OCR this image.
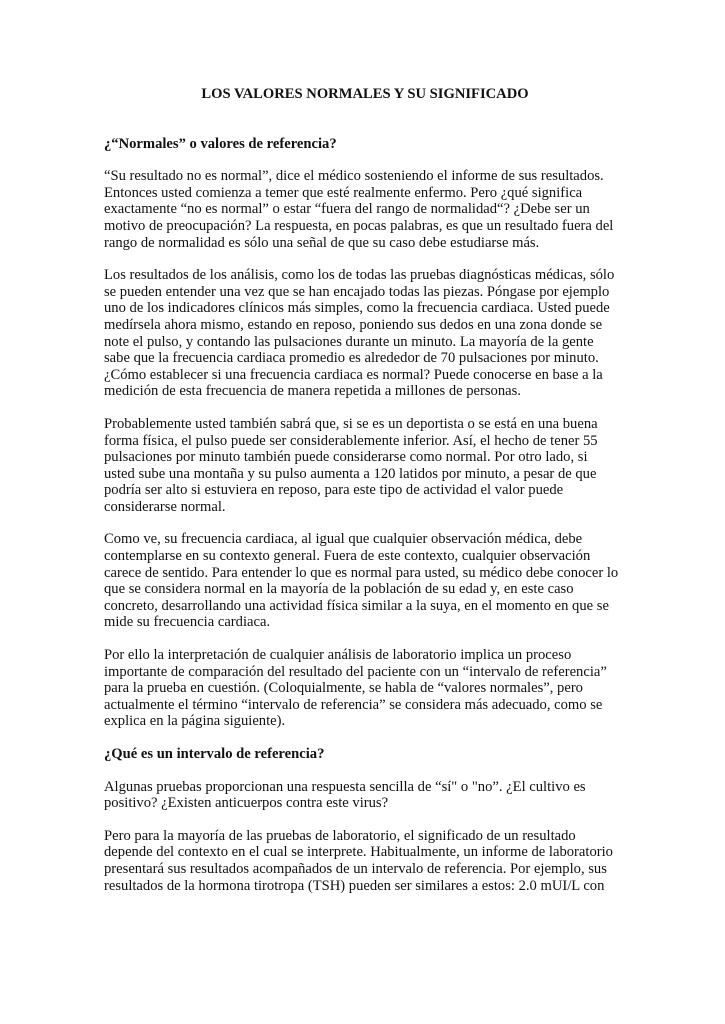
LOS VALORES NORMALES Y SU SIGNIFICADO
¿“Normales” o valores de referencia?
“Su resultado no es normal”, dice el médico sosteniendo el informe de sus resultados.
Entonces usted comienza a temer que esté realmente enfermo. Pero ¿qué significa
exactamente “no es normal” o estar “fuera del rango de normalidad“? ¿Debe ser un
motivo de preocupación? La respuesta, en pocas palabras, es que un resultado fuera del
rango de normalidad es sólo una señal de que su caso debe estudiarse más.
Los resultados de los análisis, como los de todas las pruebas diagnósticas médicas, sólo
se pueden entender una vez que se han encajado todas las piezas. Póngase por ejemplo
uno de los indicadores clínicos más simples, como la frecuencia cardiaca. Usted puede
medírsela ahora mismo, estando en reposo, poniendo sus dedos en una zona donde se
note el pulso, y contando las pulsaciones durante un minuto. La mayoría de la gente
sabe que la frecuencia cardiaca promedio es alrededor de 70 pulsaciones por minuto.
¿Cómo establecer si una frecuencia cardiaca es normal? Puede conocerse en base a la
medición de esta frecuencia de manera repetida a millones de personas.
Probablemente usted también sabrá que, si se es un deportista o se está en una buena
forma física, el pulso puede ser considerablemente inferior. Así, el hecho de tener 55
pulsaciones por minuto también puede considerarse como normal. Por otro lado, si
usted sube una montaña y su pulso aumenta a 120 latidos por minuto, a pesar de que
podría ser alto si estuviera en reposo, para este tipo de actividad el valor puede
considerarse normal.
Como ve, su frecuencia cardiaca, al igual que cualquier observación médica, debe
contemplarse en su contexto general. Fuera de este contexto, cualquier observación
carece de sentido. Para entender lo que es normal para usted, su médico debe conocer lo
que se considera normal en la mayoría de la población de su edad y, en este caso
concreto, desarrollando una actividad física similar a la suya, en el momento en que se
mide su frecuencia cardiaca.
Por ello la interpretación de cualquier análisis de laboratorio implica un proceso
importante de comparación del resultado del paciente con un “intervalo de referencia”
para la prueba en cuestión. (Coloquialmente, se habla de “valores normales”, pero
actualmente el término “intervalo de referencia” se considera más adecuado, como se
explica en la página siguiente).
¿Qué es un intervalo de referencia?
Algunas pruebas proporcionan una respuesta sencilla de “sí" o "no”. ¿El cultivo es
positivo? ¿Existen anticuerpos contra este virus?
Pero para la mayoría de las pruebas de laboratorio, el significado de un resultado
depende del contexto en el cual se interprete. Habitualmente, un informe de laboratorio
presentará sus resultados acompañados de un intervalo de referencia. Por ejemplo, sus
resultados de la hormona tirotropa (TSH) pueden ser similares a estos: 2.0 mUI/L con
